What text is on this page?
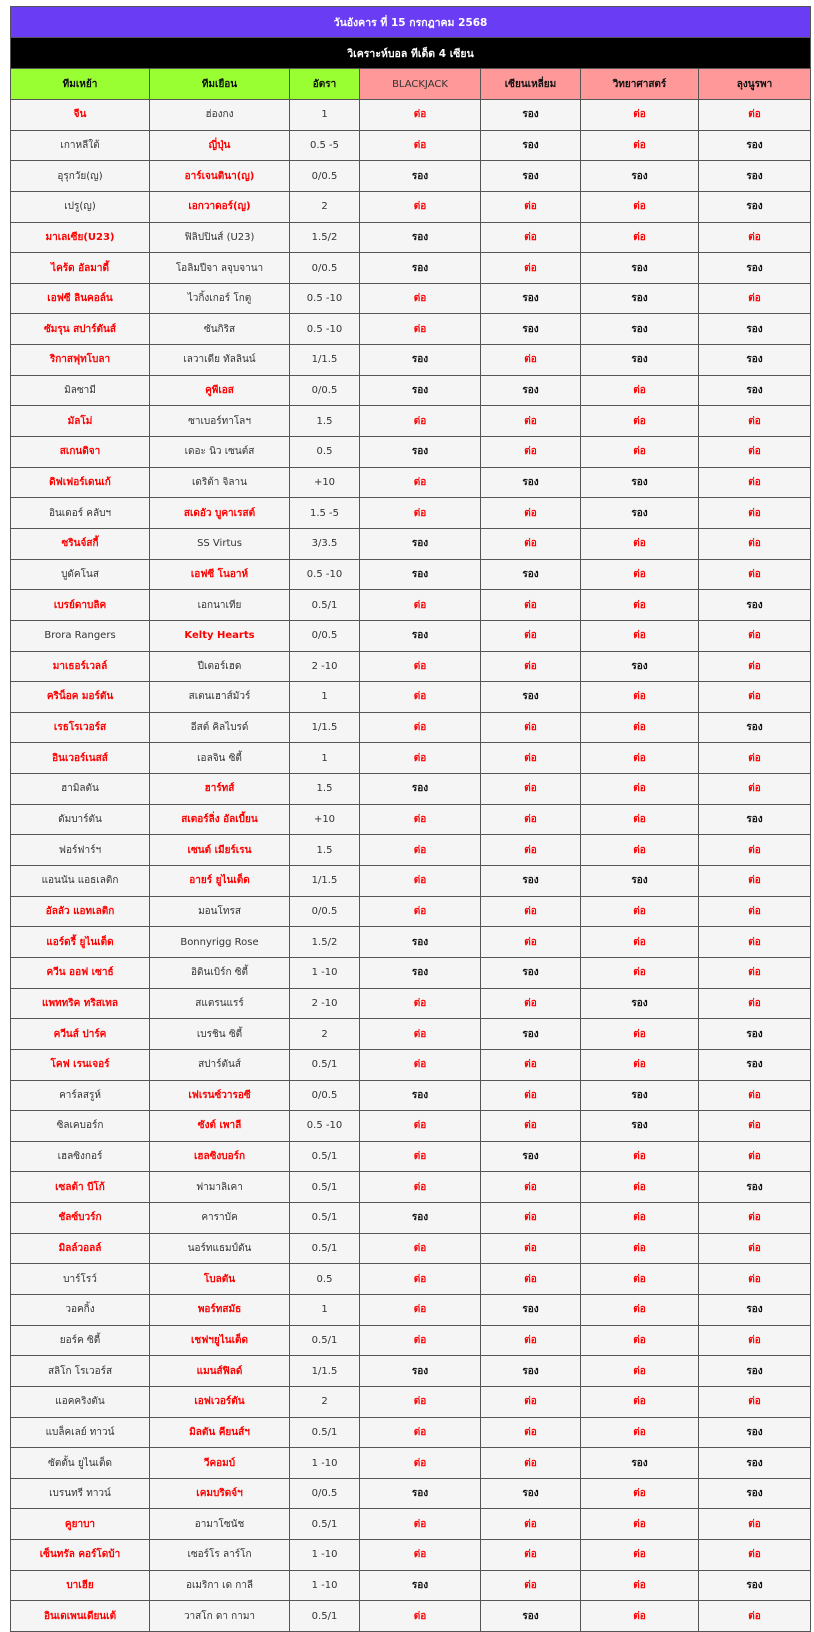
วันอังคาร ที่ 15 กรกฎาคม 2568						
วิเคราะห์บอล ทีเด็ด 4 เซียน						
ทีมเหย้า	ทีมเยือน	อัตรา	BLACKJACK	เซียนเหลี่ยม	วิทยาศาสตร์	ลุงนูรพา
จีน	ฮ่องกง	1	ต่อ	รอง	ต่อ	ต่อ
เกาหลีใต้	ญี่ปุ่น	0.5 -5	ต่อ	รอง	ต่อ	รอง
อุรุกวัย(ญ)	อาร์เจนตินา(ญ)	0/0.5	รอง	รอง	รอง	รอง
เปรู(ญ)	เอกวาดอร์(ญ)	2	ต่อ	ต่อ	ต่อ	รอง
มาเลเซีย(U23)	ฟิลิปปินส์ (U23)	1.5/2	รอง	ต่อ	ต่อ	ต่อ
ไคร้ด อัลมาดี้	โอลิมปีจา ลจุบจานา	0/0.5	รอง	ต่อ	รอง	รอง
เอฟซี ลินคอล์น	ไวกิ้งเกอร์ โกตู	0.5 -10	ต่อ	รอง	รอง	ต่อ
ซัมรุน สปาร์ตันส์	ซันกิริส	0.5 -10	ต่อ	รอง	รอง	รอง
ริกาสฟุทโบลา	เลวาเดีย ทัลลินน์	1/1.5	รอง	ต่อ	รอง	รอง
มิลซามี	คูพีเอส	0/0.5	รอง	รอง	ต่อ	รอง
มัลโม่	ซาเบอร์ทาโลฯ	1.5	ต่อ	ต่อ	ต่อ	ต่อ
สเกนดิจา	เดอะ นิว เซนต์ส	0.5	รอง	ต่อ	ต่อ	ต่อ
ดิฟเฟอร์เดนเก้	เดริต้า จิลาน	+10	ต่อ	รอง	รอง	ต่อ
อินเดอร์ คลับฯ	สเดอัว บูคาเรสต์	1.5 -5	ต่อ	ต่อ	รอง	ต่อ
ซรินจ์สกี้	SS Virtus	3/3.5	รอง	ต่อ	ต่อ	ต่อ
บูดัคโนส	เอฟซี โนอาห์	0.5 -10	รอง	รอง	ต่อ	ต่อ
เบรย์ดาบลิค	เอกนาเทีย	0.5/1	ต่อ	ต่อ	ต่อ	รอง
Brora Rangers	Kelty Hearts	0/0.5	รอง	ต่อ	ต่อ	ต่อ
มาเธอร์เวลล์	ปีเตอร์เฮด	2 -10	ต่อ	ต่อ	รอง	ต่อ
คริน็อค มอร์ตัน	สเตนเฮาส์มัวร์	1	ต่อ	รอง	ต่อ	ต่อ
เรธโรเวอร์ส	อีสต์ คิลไบรด์	1/1.5	ต่อ	ต่อ	ต่อ	รอง
อินเวอร์เนสส์	เอลจิน ซิตี้	1	ต่อ	ต่อ	ต่อ	ต่อ
ฮามิลตัน	ฮาร์ทส์	1.5	รอง	ต่อ	ต่อ	ต่อ
ดัมบาร์ตัน	สเตอร์ลิ่ง อัลเบี้ยน	+10	ต่อ	ต่อ	ต่อ	รอง
ฟอร์ฟาร์ฯ	เซนต์ เมียร์เรน	1.5	ต่อ	ต่อ	ต่อ	ต่อ
แอนนัน แอธเลติก	อายร์ ยูไนเต็ด	1/1.5	ต่อ	รอง	รอง	ต่อ
อัลลัว แอทเลติก	มอนโทรส	0/0.5	ต่อ	ต่อ	ต่อ	ต่อ
แอร์ดรี้ ยูไนเต็ด	Bonnyrigg Rose	1.5/2	รอง	ต่อ	ต่อ	ต่อ
ควีน ออฟ เซาธ์	อิดินเบิร์ก ซิตี้	1 -10	รอง	รอง	ต่อ	ต่อ
แพททริค ทริสเทล	สแตรนแรร์	2 -10	ต่อ	ต่อ	รอง	ต่อ
ควีนส์ ปาร์ค	เบรชิน ซิตี้	2	ต่อ	รอง	ต่อ	รอง
โคฟ เรนเจอร์	สปาร์ตันส์	0.5/1	ต่อ	ต่อ	ต่อ	รอง
คาร์ลสรูห์	เฟเรนซ์วารอซี	0/0.5	รอง	ต่อ	รอง	ต่อ
ซิลเคบอร์ก	ซังต์ เพาลี	0.5 -10	ต่อ	ต่อ	รอง	ต่อ
เฮลซิงกอร์	เฮลซิงบอร์ก	0.5/1	ต่อ	รอง	ต่อ	ต่อ
เซลต้า บีโก้	ฟามาลิเคา	0.5/1	ต่อ	ต่อ	ต่อ	รอง
ชัลซ์บวร์ก	คาราบัค	0.5/1	รอง	ต่อ	ต่อ	ต่อ
มิลล์วอลล์	นอร์ทแธมป์ตัน	0.5/1	ต่อ	ต่อ	ต่อ	ต่อ
บาร์โรว์	โบลตัน	0.5	ต่อ	ต่อ	ต่อ	ต่อ
วอคกิ้ง	พอร์ทสมัธ	1	ต่อ	รอง	ต่อ	รอง
ยอร์ค ซิตี้	เชฟฯยูไนเต็ด	0.5/1	ต่อ	ต่อ	ต่อ	ต่อ
สลิโก โรเวอร์ส	แมนส์ฟิลด์	1/1.5	รอง	รอง	ต่อ	รอง
แอคคริงตัน	เอฟเวอร์ตัน	2	ต่อ	ต่อ	ต่อ	ต่อ
แบล็คเลย์ ทาวน์	มิลตัน คียนส์ฯ	0.5/1	ต่อ	ต่อ	ต่อ	รอง
ซัตตั้น ยูไนเต็ด	วีคอมบ์	1 -10	ต่อ	ต่อ	รอง	รอง
เบรนทรี ทาวน์	เคมบริดจ์ฯ	0/0.5	รอง	รอง	ต่อ	รอง
คูยาบา	อามาโซนัช	0.5/1	ต่อ	ต่อ	ต่อ	ต่อ
เซ็นทรัล คอร์โดบ้า	เซอร์โร ลาร์โก	1 -10	ต่อ	ต่อ	ต่อ	ต่อ
บาเฮีย	อเมริกา เด กาลี	1 -10	รอง	ต่อ	ต่อ	รอง
อินเดเพนเดียนเต้	วาสโก ดา กามา	0.5/1	ต่อ	รอง	ต่อ	ต่อ
